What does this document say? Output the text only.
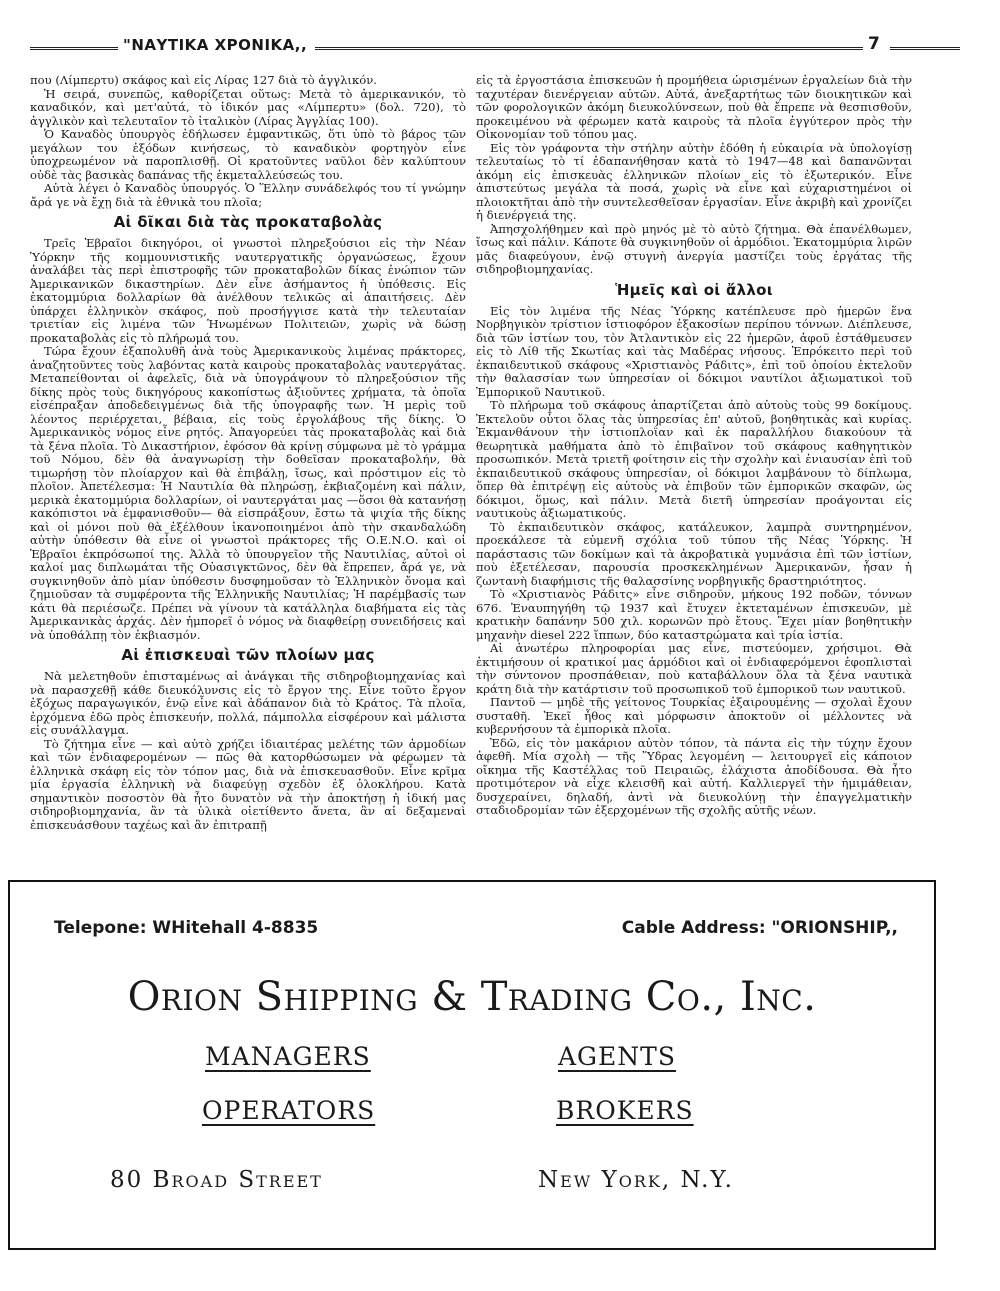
"ΝΑΥΤΙΚΑ ΧΡΟΝΙΚΑ,,	7

που (Λίμπερτυ) σκάφος καὶ εἰς Λίρας 127 διὰ τὸ ἀγγλικόν.

Ἡ σειρά, συνεπῶς, καθορίζεται οὕτως: Μετὰ τὸ ἀμερικανικόν, τὸ καναδικόν, καὶ μετ'αὐτά, τὸ ἰδικόν μας «Λίμπερτυ» (δολ. 720), τὸ ἀγγλικὸν καὶ τελευταῖον τὸ ἰταλικὸν (Λίρας Ἀγγλίας 100).

Ὁ Καναδὸς ὑπουργὸς ἐδήλωσεν ἐμφαντικῶς, ὅτι ὑπὸ τὸ βάρος τῶν μεγάλων του ἐξόδων κινήσεως, τὸ καναδικὸν φορτηγὸν εἶνε ὑποχρεωμένον νὰ παροπλισθῇ. Οἱ κρατοῦντες ναῦλοι δὲν καλύπτουν οὐδὲ τὰς βασικὰς δαπάνας τῆς ἐκμεταλλεύσεώς του.

Αὐτὰ λέγει ὁ Καναδὸς ὑπουργός. Ὁ Ἕλλην συνάδελφός του τί γνώμην ἄρά γε νὰ ἔχῃ διὰ τὰ ἐθνικὰ του πλοῖα;

Αἱ δῖκαι διὰ τὰς προκαταβολὰς

Τρεῖς Ἑβραῖοι δικηγόροι, οἱ γνωστοὶ πληρεξούσιοι εἰς τὴν Νέαν Ὑόρκην τῆς κομμουνιστικῆς ναυτεργατικῆς ὀργανώσεως, ἔχουν ἀναλάβει τὰς περὶ ἐπιστροφῆς τῶν προκαταβολῶν δίκας ἐνώπιον τῶν Ἀμερικανικῶν δικαστηρίων. Δὲν εἶνε ἀσήμαντος ἡ ὑπόθεσις. Εἰς ἑκατομμύρια δολλαρίων θὰ ἀνέλθουν τελικῶς αἱ ἀπαιτήσεις. Δὲν ὑπάρχει ἑλληνικὸν σκάφος, ποὺ προσήγγισε κατὰ τὴν τελευταίαν τριετίαν εἰς λιμένα τῶν Ἡνωμένων Πολιτειῶν, χωρὶς νὰ δώσῃ προκαταβολὰς εἰς τὸ πλήρωμά του.

Τώρα ἔχουν ἐξαπολυθῆ ἀνὰ τοὺς Ἀμερικανικοὺς λιμένας πράκτορες, ἀναζητοῦντες τοὺς λαβόντας κατὰ καιροὺς προκαταβολὰς ναυτεργάτας. Μεταπείθονται οἱ ἀφελεῖς, διὰ νὰ ὑπογράψουν τὸ πληρεξούσιον τῆς δίκης πρὸς τοὺς δικηγόρους κακοπίστως ἀξιοῦντες χρήματα, τὰ ὁποῖα εἰσέπραξαν ἀποδεδειγμένως διὰ τῆς ὑπογραφῆς των. Ἡ μερὶς τοῦ λέοντος περιέρχεται, βέβαια, εἰς τοὺς ἐργολάβους τῆς δίκης. Ὁ Ἀμερικανικὸς νόμος εἶνε ρητός. Ἀπαγορεύει τὰς προκαταβολὰς καὶ διὰ τὰ ξένα πλοῖα. Τὸ Δικαστήριον, ἐφόσον θὰ κρίνῃ σύμφωνα μὲ τὸ γράμμα τοῦ Νόμου, δὲν θὰ ἀναγνωρίσῃ τὴν δοθεῖσαν προκαταβολήν, θὰ τιμωρήσῃ τὸν πλοίαρχον καὶ θὰ ἐπιβάλῃ, ἴσως, καὶ πρόστιμον εἰς τὸ πλοῖον. Ἀπετέλεσμα: Ἡ Ναυτιλία θὰ πληρώσῃ, ἐκβιαζομένη καὶ πάλιν, μερικὰ ἑκατομμύρια δολλαρίων, οἱ ναυτεργάται μας —ὅσοι θὰ κατανήσῃ κακόπιστοι νὰ ἐμφανισθοῦν— θὰ εἰσπράξουν, ἔστω τὰ ψιχία τῆς δίκης καὶ οἱ μόνοι ποὺ θὰ ἐξέλθουν ἱκανοποιημένοι ἀπὸ τὴν σκανδαλώδη αὐτὴν ὑπόθεσιν θὰ εἶνε οἱ γνωστοὶ πράκτορες τῆς Ο.Ε.Ν.Ο. καὶ οἱ Ἑβραῖοι ἐκπρόσωποί της. Ἀλλὰ τὸ ὑπουργεῖον τῆς Ναυτιλίας, αὐτοὶ οἱ καλοί μας διπλωμάται τῆς Οὐασιγκτῶνος, δὲν θὰ ἔπρεπεν, ἄρά γε, νὰ συγκινηθοῦν ἀπὸ μίαν ὑπόθεσιν δυσφημοῦσαν τὸ Ἑλληνικὸν ὄνομα καὶ ζημιοῦσαν τὰ συμφέροντα τῆς Ἑλληνικῆς Ναυτιλίας; Ἡ παρέμβασίς των κάτι θὰ περιέσωζε. Πρέπει νὰ γίνουν τὰ κατάλληλα διαβήματα εἰς τὰς Ἀμερικανικὰς ἀρχάς. Δὲν ἠμπορεῖ ὁ νόμος νὰ διαφθείρῃ συνειδήσεις καὶ νὰ ὑποθάλπῃ τὸν ἐκβιασμόν.

Αἱ ἐπισκευαὶ τῶν πλοίων μας

Νὰ μελετηθοῦν ἐπισταμένως αἱ ἀνάγκαι τῆς σιδηροβιομηχανίας καὶ νὰ παρασχεθῇ κάθε διευκόλυνσις εἰς τὸ ἔργον της. Εἶνε τοῦτο ἔργον ἐξόχως παραγωγικόν, ἐνῷ εἶνε καὶ ἀδάπανον διὰ τὸ Κράτος. Τὰ πλοῖα, ἐρχόμενα ἐδῶ πρὸς ἐπισκευήν, πολλά, πάμπολλα εἰσφέρουν καὶ μάλιστα εἰς συνάλλαγμα.

Τὸ ζήτημα εἶνε — καὶ αὐτὸ χρήζει ἰδιαιτέρας μελέτης τῶν ἁρμοδίων καὶ τῶν ἐνδιαφερομένων — πῶς θὰ κατορθώσωμεν νὰ φέρωμεν τὰ ἑλληνικὰ σκάφη εἰς τὸν τόπον μας, διὰ νὰ ἐπισκευασθοῦν. Εἶνε κρῖμα μία ἐργασία ἑλληνικὴ νὰ διαφεύγῃ σχεδὸν ἐξ ὁλοκλήρου. Κατὰ σημαντικὸν ποσοστὸν θὰ ἦτο δυνατὸν νὰ τὴν ἀποκτήσῃ ἡ ἰδική μας σιδηροβιομηχανία, ἂν τὰ ὑλικὰ οἰετίθεντο ἄνετα, ἂν αἱ δεξαμεναὶ ἐπισκευάσθουν ταχέως καὶ ἂν ἐπιτραπῇ

εἰς τὰ ἐργοστάσια ἐπισκευῶν ἡ προμήθεια ὡρισμένων ἐργαλείων διὰ τὴν ταχυτέραν διενέργειαν αὐτῶν. Αὐτά, ἀνεξαρτήτως τῶν διοικητικῶν καὶ τῶν φορολογικῶν ἀκόμη διευκολύνσεων, ποὺ θὰ ἔπρεπε νὰ θεσπισθοῦν, προκειμένου νὰ φέρωμεν κατὰ καιροὺς τὰ πλοῖα ἐγγύτερον πρὸς τὴν Οἰκονομίαν τοῦ τόπου μας.

Εἰς τὸν γράφοντα τὴν στήλην αὐτὴν ἐδόθη ἡ εὐκαιρία νὰ ὑπολογίσῃ τελευταίως τὸ τί ἐδαπανήθησαν κατὰ τὸ 1947—48 καὶ δαπανῶνται ἀκόμη εἰς ἐπισκευὰς ἑλληνικῶν πλοίων εἰς τὸ ἐξωτερικόν. Εἶνε ἀπιστεύτως μεγάλα τὰ ποσά, χωρὶς νὰ εἶνε καὶ εὐχαριστημένοι οἱ πλοιοκτῆται ἀπὸ τὴν συντελεσθεῖσαν ἐργασίαν. Εἶνε ἀκριβὴ καὶ χρονίζει ἡ διενέργειά της.

Ἀπησχολήθημεν καὶ πρὸ μηνός μὲ τὸ αὐτὸ ζήτημα. Θὰ ἐπανέλθωμεν, ἴσως καὶ πάλιν. Κάποτε θὰ συγκινηθοῦν οἱ ἁρμόδιοι. Ἑκατομμύρια λιρῶν μᾶς διαφεύγουν, ἐνῷ στυγνὴ ἀνεργία μαστίζει τοὺς ἐργάτας τῆς σιδηροβιομηχανίας.

Ἡμεῖς καὶ οἱ ἄλλοι

Εἰς τὸν λιμένα τῆς Νέας Ὑόρκης κατέπλευσε πρὸ ἡμερῶν ἕνα Νορβηγικὸν τρίστιον ἱστιοφόρον ἑξακοσίων περίπου τόννων. Διέπλευσε, διὰ τῶν ἱστίων του, τὸν Ἀτλαντικὸν εἰς 22 ἡμερῶν, ἀφοῦ ἐστάθμευσεν εἰς τὸ Λίθ τῆς Σκωτίας καὶ τὰς Μαδέρας νήσους. Ἐπρόκειτο περὶ τοῦ ἐκπαιδευτικοῦ σκάφους «Χριστιανὸς Ράδιτς», ἐπὶ τοῦ ὁποίου ἐκτελοῦν τὴν θαλασσίαν των ὑπηρεσίαν οἱ δόκιμοι ναυτίλοι ἀξιωματικοὶ τοῦ Ἐμπορικοῦ Ναυτικοῦ.

Τὸ πλήρωμα τοῦ σκάφους ἀπαρτίζεται ἀπὸ αὐτοὺς τοὺς 99 δοκίμους. Ἐκτελοῦν οὗτοι ὅλας τὰς ὑπηρεσίας ἐπ' αὐτοῦ, βοηθητικὰς καὶ κυρίας. Ἐκμανθάνουν τὴν ἱστιοπλοΐαν καὶ ἐκ παραλλήλου διακούουν τὰ θεωρητικὰ μαθήματα ἀπὸ τὸ ἐπιβαῖνον τοῦ σκάφους καθηγητικὸν προσωπικόν. Μετὰ τριετῆ φοίτησιν εἰς τὴν σχολὴν καὶ ἐνιαυσίαν ἐπὶ τοῦ ἐκπαιδευτικοῦ σκάφους ὑπηρεσίαν, οἱ δόκιμοι λαμβάνουν τὸ δίπλωμα, ὅπερ θὰ ἐπιτρέψῃ εἰς αὐτοὺς νὰ ἐπιβοῦν τῶν ἐμπορικῶν σκαφῶν, ὡς δόκιμοι, ὅμως, καὶ πάλιν. Μετὰ διετῆ ὑπηρεσίαν προάγονται εἰς ναυτικοὺς ἀξιωματικούς.

Τὸ ἐκπαιδευτικὸν σκάφος, κατάλευκον, λαμπρὰ συντηρημένον, προεκάλεσε τὰ εὐμενῆ σχόλια τοῦ τύπου τῆς Νέας Ὑόρκης. Ἡ παράστασις τῶν δοκίμων καὶ τὰ ἀκροβατικὰ γυμνάσια ἐπὶ τῶν ἱστίων, ποὺ ἐξετέλεσαν, παρουσία προσκεκλημένων Ἀμερικανῶν, ἦσαν ἡ ζωντανὴ διαφήμισις τῆς θαλασσίνης νορβηγικῆς δραστηριότητος.

Τὸ «Χριστιανὸς Ράδιτς» εἶνε σιδηροῦν, μήκους 192 ποδῶν, τόννων 676. Ἐναυπηγήθη τῷ 1937 καὶ ἔτυχεν ἐκτεταμένων ἐπισκευῶν, μὲ κρατικὴν δαπάνην 500 χιλ. κορωνῶν πρὸ ἔτους. Ἔχει μίαν βοηθητικὴν μηχανὴν diesel 222 ἵππων, δύο καταστρώματα καὶ τρία ἱστία.

Αἱ ἀνωτέρω πληροφορίαι μας εἶνε, πιστεύομεν, χρήσιμοι. Θὰ ἐκτιμήσουν οἱ κρατικοί μας ἁρμόδιοι καὶ οἱ ἐνδιαφερόμενοι ἐφοπλισταὶ τὴν σύντονον προσπάθειαν, ποὺ καταβάλλουν ὅλα τὰ ξένα ναυτικὰ κράτη διὰ τὴν κατάρτισιν τοῦ προσωπικοῦ τοῦ ἐμπορικοῦ των ναυτικοῦ.

Παντοῦ — μηδὲ τῆς γείτονος Τουρκίας ἐξαιρουμένης — σχολαὶ ἔχουν συσταθῆ. Ἐκεῖ ἦθος καὶ μόρφωσιν ἀποκτοῦν οἱ μέλλοντες νὰ κυβερνήσουν τὰ ἐμπορικὰ πλοῖα.

Ἐδῶ, εἰς τὸν μακάριον αὐτὸν τόπον, τὰ πάντα εἰς τὴν τύχην ἔχουν ἀφεθῆ. Μία σχολὴ — τῆς Ὕδρας λεγομένη — λειτουργεῖ εἰς κάποιον οἴκημα τῆς Καστέλλας τοῦ Πειραιῶς, ἐλάχιστα ἀποδίδουσα. Θὰ ἦτο προτιμότερον νὰ εἶχε κλεισθῆ καὶ αὐτή. Καλλιεργεῖ τὴν ἡμιμάθειαν, δυσχεραίνει, δηλαδή, ἀντὶ νὰ διευκολύνῃ τὴν ἐπαγγελματικὴν σταδιοδρομίαν τῶν ἐξερχομένων τῆς σχολῆς αὐτῆς νέων.

Telepone: WHitehall 4-8835	Cable Address: "ORIONSHIP,,
Orion Shipping & Trading Co., Inc.
MANAGERS
OPERATORS
AGENTS
BROKERS
80 Broad Street	New York, N.Y.
